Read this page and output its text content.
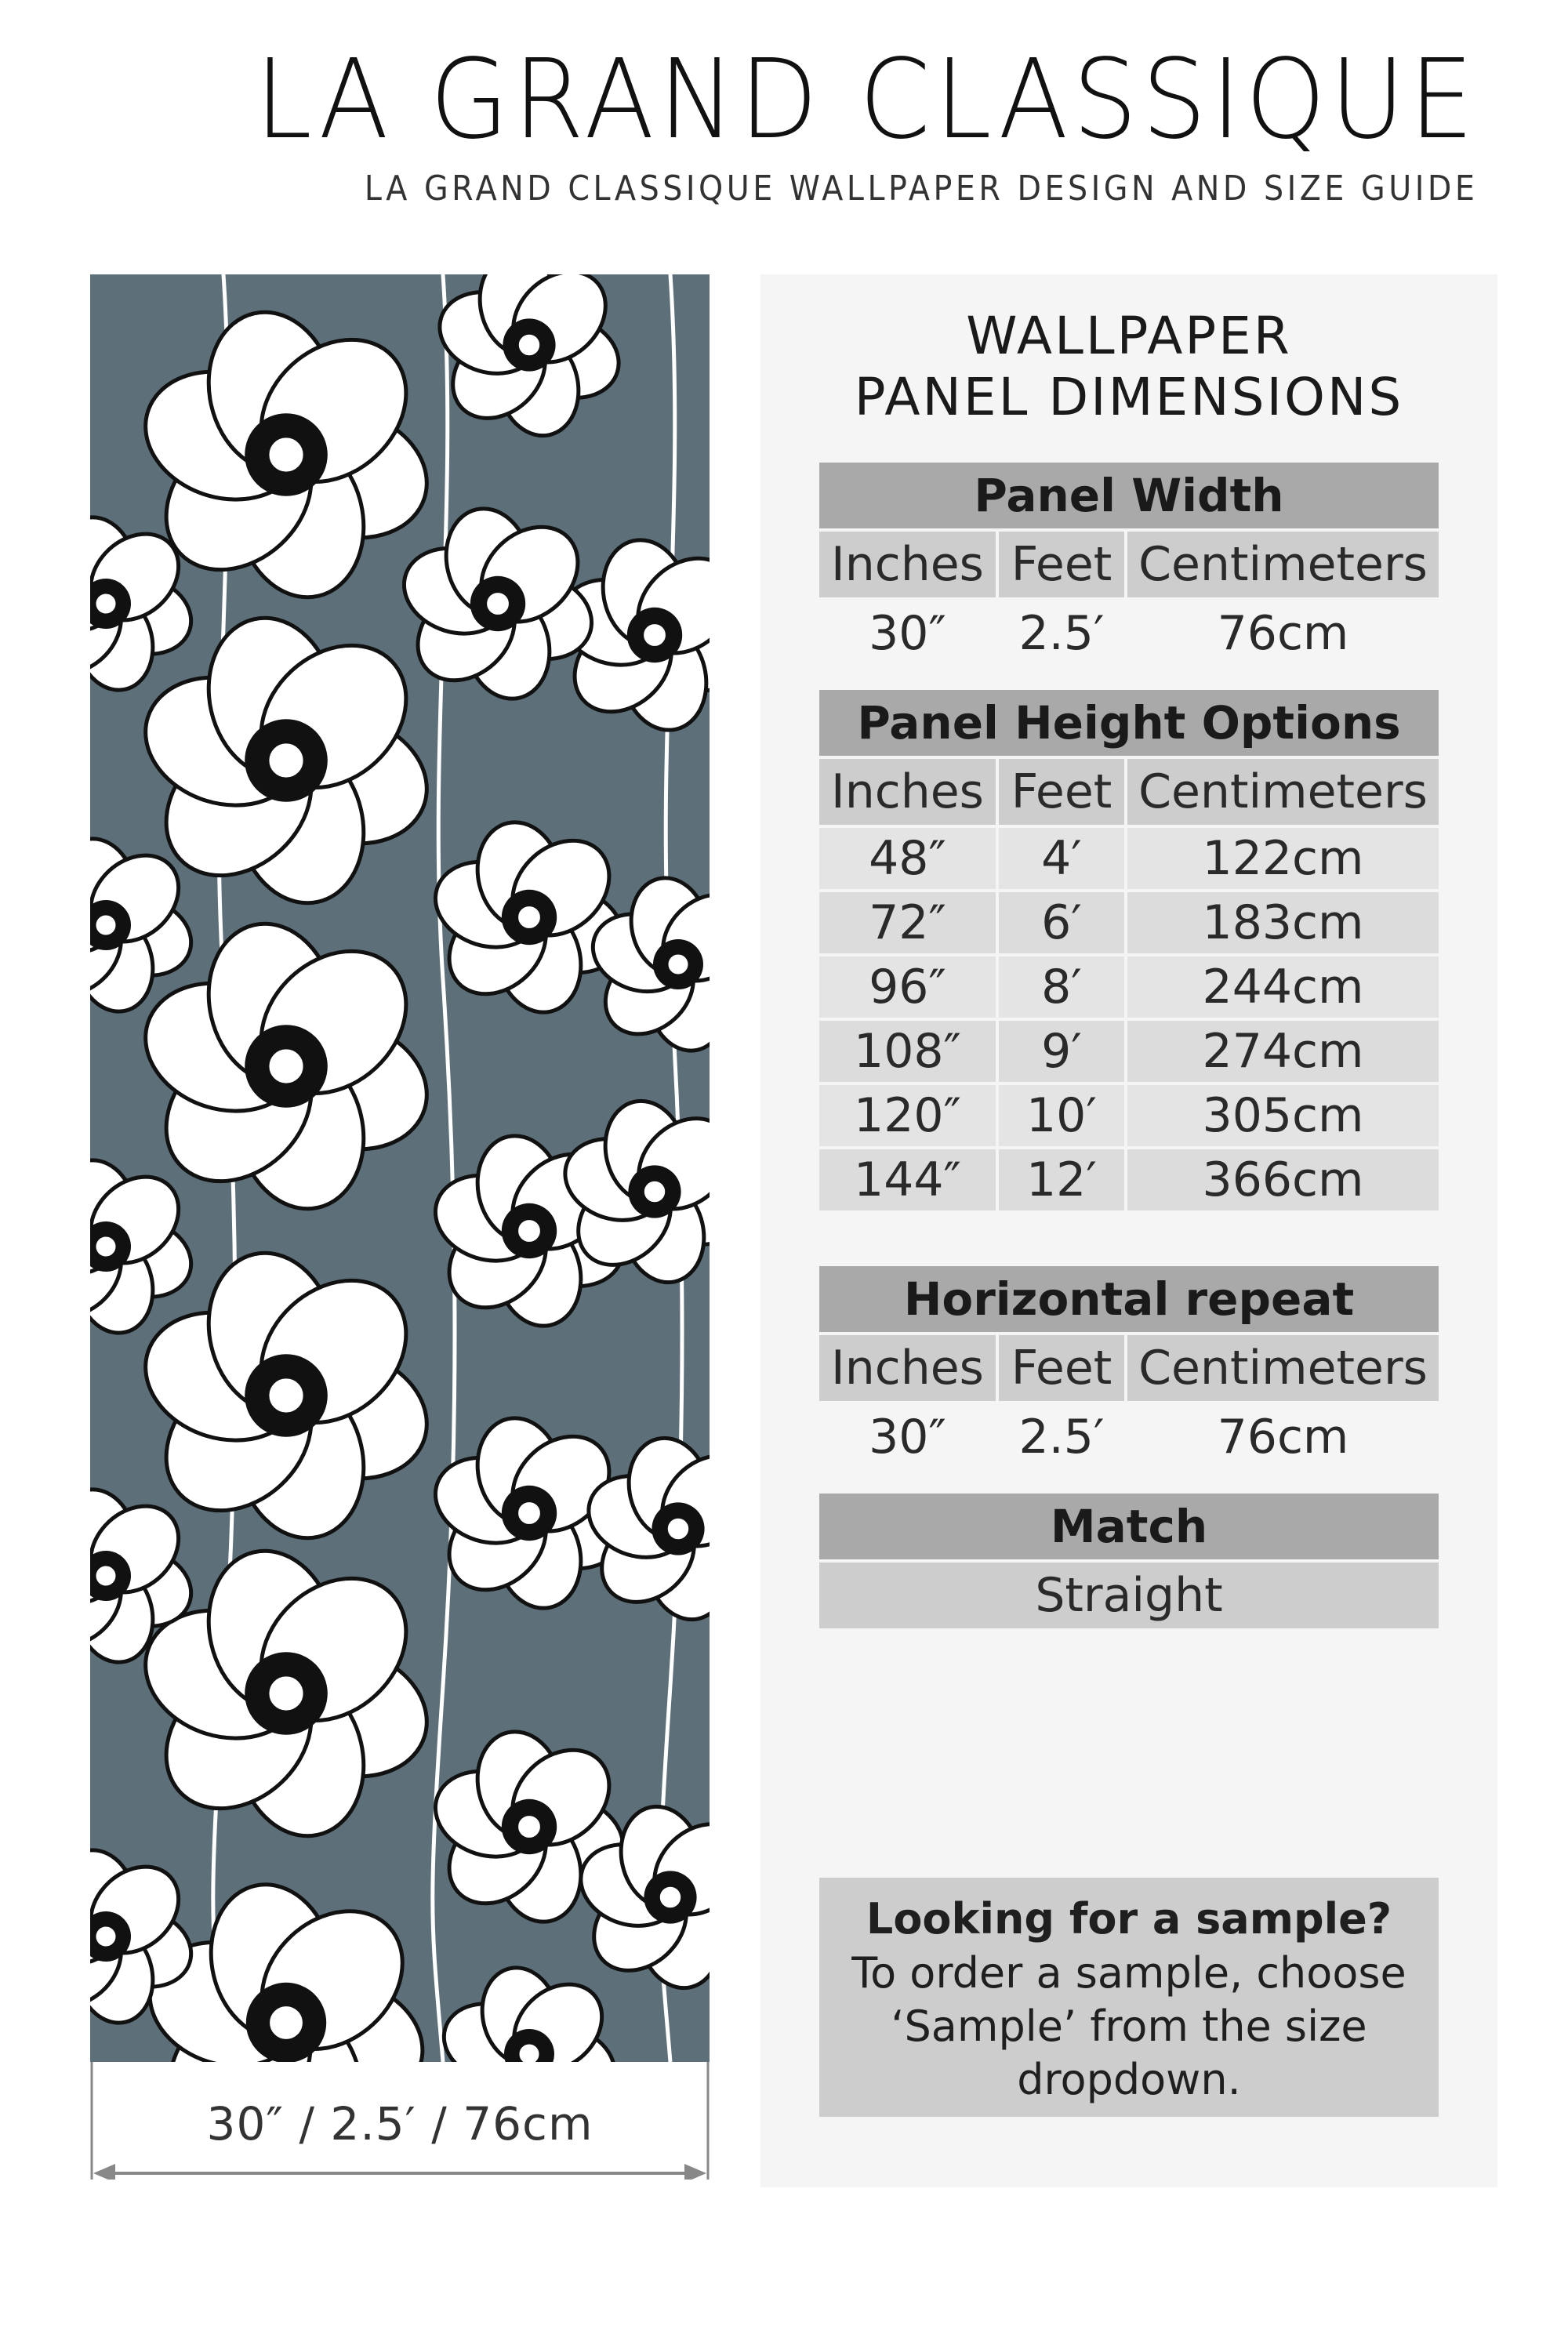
LA GRAND CLASSIQUE

LA GRAND CLASSIQUE WALLPAPER DESIGN AND SIZE GUIDE

30″ / 2.5′ / 76cm
WALLPAPER
PANEL DIMENSIONS
Panel Width
Inches Feet Centimeters
30″	2.5′	76cm
Panel Height Options
Inches Feet Centimeters
48″	4′	122cm
72″	6′	183cm
96″	8′	244cm
108″	9′	274cm
120″	10′	305cm
144″	12′	366cm
Horizontal repeat
Inches Feet Centimeters
30″	2.5′	76cm
Match
Straight
Looking for a sample?
To order a sample, choose ‘Sample’ from the size dropdown.
